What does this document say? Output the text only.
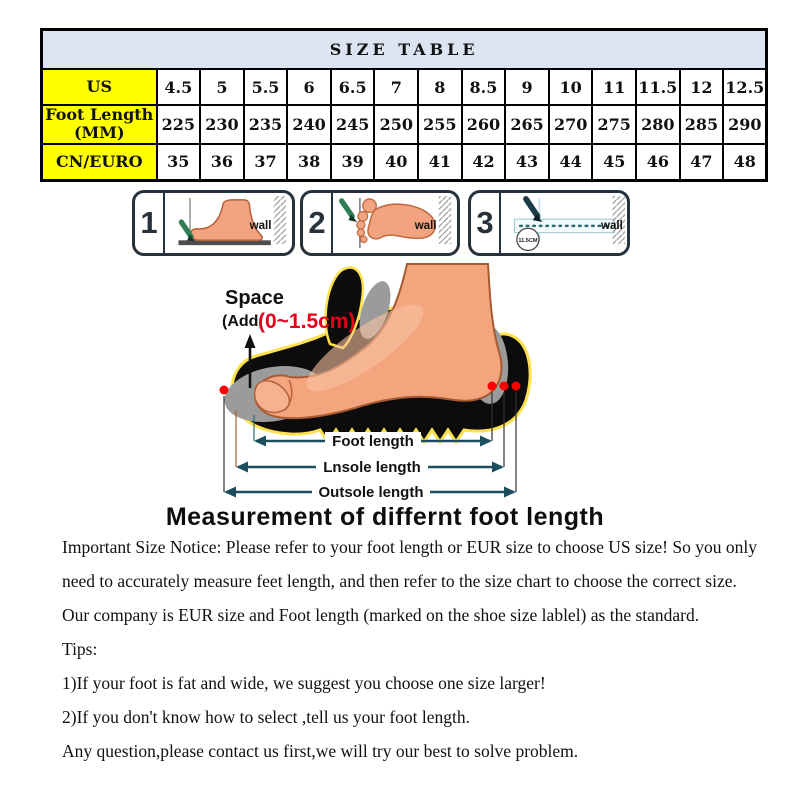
SIZE TABLE														
US	4.5	5	5.5	6	6.5	7	8	8.5	9	10	11	11.5	12	12.5

Foot Length
(MM)	225	230	235	240	245	250	255	260	265	270	275	280	285	290
CN/EURO	35	36	37	38	39	40	41	42	43	44	45	46	47	48
1	wall 2	wall 3
11.5CM
wall
Foot length
Lnsole length
Outsole length
Space
(Add (0~1.5cm)
Measurement of differnt foot length

Important Size Notice: Please refer to your foot length or EUR size to choose US size! So you only

need to accurately measure feet length, and then refer to the size chart to choose the correct size.

Our company is EUR size and Foot length (marked on the shoe size lablel) as the standard.

Tips:

1)If your foot is fat and wide, we suggest you choose one size larger!

2)If you don't know how to select ,tell us your foot length.

Any question,please contact us first,we will try our best to solve problem.
